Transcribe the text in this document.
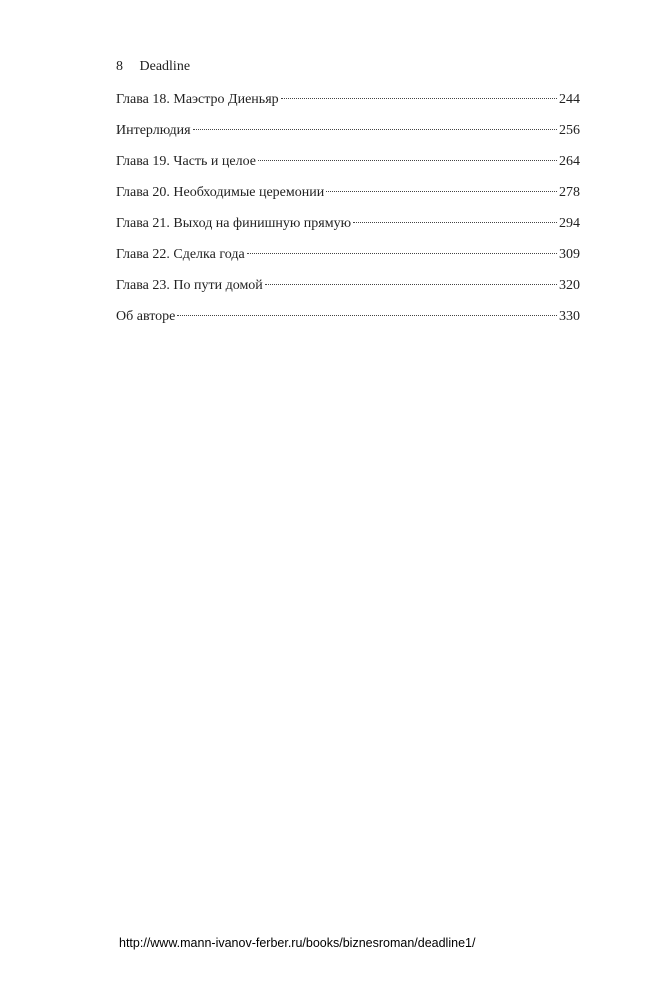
8 Deadline
Глава 18. Маэстро Диеньяр	244
Интерлюдия	256
Глава 19. Часть и целое	264
Глава 20. Необходимые церемонии	278
Глава 21. Выход на финишную прямую	294
Глава 22. Сделка года	309
Глава 23. По пути домой	320
Об авторе	330
http://www.mann-ivanov-ferber.ru/books/biznesroman/deadline1/
